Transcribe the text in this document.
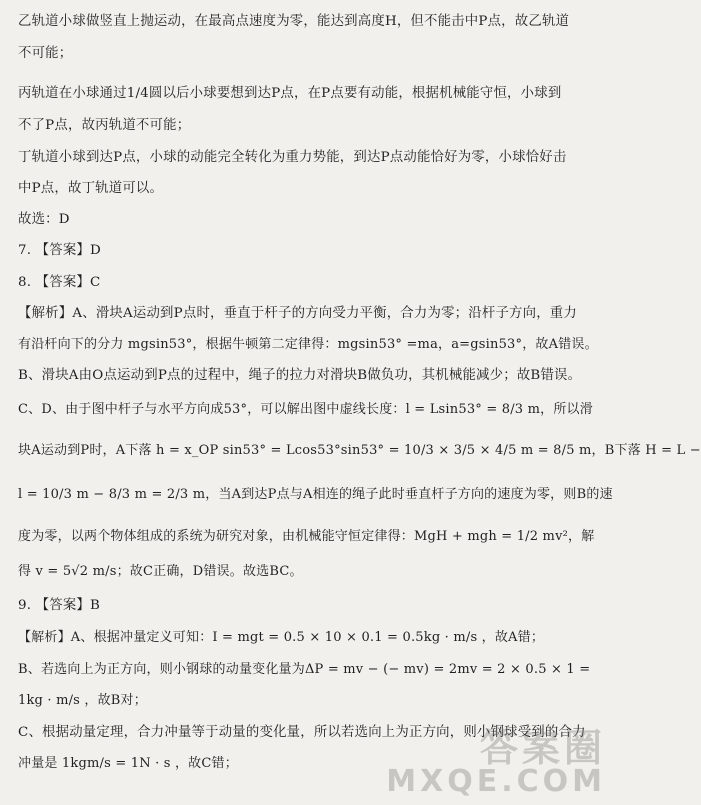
乙轨道小球做竖直上抛运动，在最高点速度为零，能达到高度H，但不能击中P点，故乙轨道
不可能；
丙轨道在小球通过1/4圆以后小球要想到达P点，在P点要有动能，根据机械能守恒，小球到
不了P点，故丙轨道不可能；
丁轨道小球到达P点，小球的动能完全转化为重力势能，到达P点动能恰好为零，小球恰好击
中P点，故丁轨道可以。
故选：D
7. 【答案】D
8. 【答案】C
【解析】A、滑块A运动到P点时，垂直于杆子的方向受力平衡，合力为零；沿杆子方向，重力
有沿杆向下的分力 mgsin53°，根据牛顿第二定律得：mgsin53° =ma，a=gsin53°，故A错误。
B、滑块A由O点运动到P点的过程中，绳子的拉力对滑块B做负功，其机械能减少；故B错误。
C、D、由于图中杆子与水平方向成53°，可以解出图中虚线长度：l = Lsin53° = 8/3 m，所以滑
块A运动到P时，A下落 h = x_OP sin53° = Lcos53°sin53° = 10/3 × 3/5 × 4/5 m = 8/5 m，B下落 H = L −
l = 10/3 m − 8/3 m = 2/3 m，当A到达P点与A相连的绳子此时垂直杆子方向的速度为零，则B的速
度为零，以两个物体组成的系统为研究对象，由机械能守恒定律得：MgH + mgh = 1/2 mv²，解
得 v = 5√2 m/s；故C正确，D错误。故选BC。
9. 【答案】B
【解析】A、根据冲量定义可知：I = mgt = 0.5 × 10 × 0.1 = 0.5kg · m/s ，故A错；
B、若选向上为正方向，则小钢球的动量变化量为ΔP = mv − (− mv) = 2mv = 2 × 0.5 × 1 =
1kg · m/s ，故B对；
C、根据动量定理，合力冲量等于动量的变化量，所以若选向上为正方向，则小钢球受到的合力
冲量是 1kgm/s = 1N · s ，故C错；	答案圈
MXQE.COM
